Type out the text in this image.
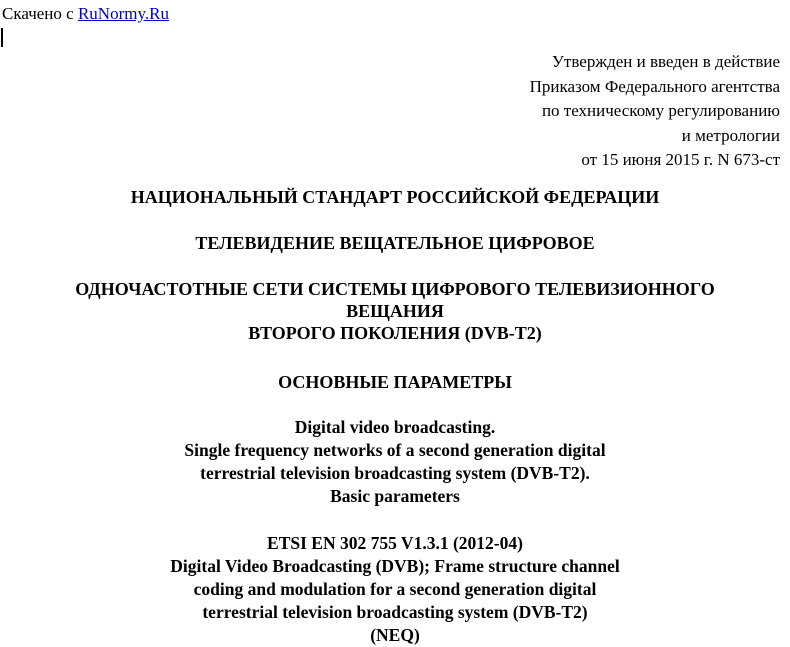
Скачено с RuNormy.Ru
Утвержден и введен в действие
Приказом Федерального агентства
по техническому регулированию
и метрологии
от 15 июня 2015 г. N 673-ст
НАЦИОНАЛЬНЫЙ СТАНДАРТ РОССИЙСКОЙ ФЕДЕРАЦИИ
ТЕЛЕВИДЕНИЕ ВЕЩАТЕЛЬНОЕ ЦИФРОВОЕ
ОДНОЧАСТОТНЫЕ СЕТИ СИСТЕМЫ ЦИФРОВОГО ТЕЛЕВИЗИОННОГО
ВЕЩАНИЯ
ВТОРОГО ПОКОЛЕНИЯ (DVB-T2)
ОСНОВНЫЕ ПАРАМЕТРЫ
Digital video broadcasting.
Single frequency networks of a second generation digital
terrestrial television broadcasting system (DVB-T2).
Basic parameters
ETSI EN 302 755 V1.3.1 (2012-04)
Digital Video Broadcasting (DVB); Frame structure channel
coding and modulation for a second generation digital
terrestrial television broadcasting system (DVB-T2)
(NEQ)
